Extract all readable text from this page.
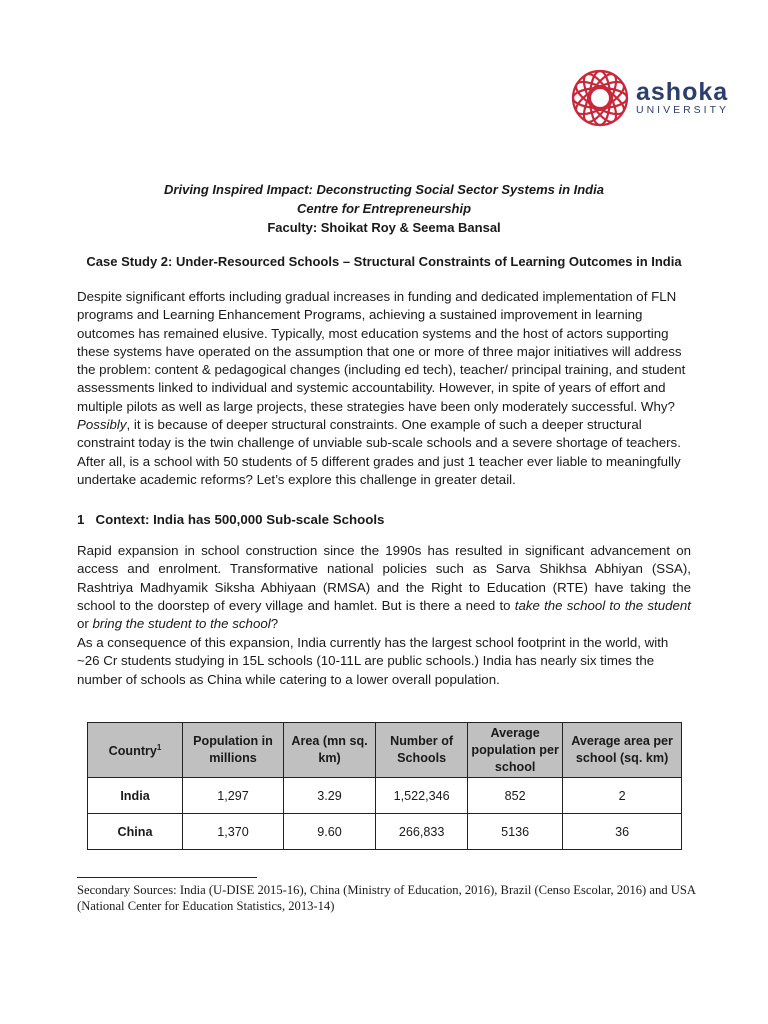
ashoka
UNIVERSITY
Driving Inspired Impact: Deconstructing Social Sector Systems in India
Centre for Entrepreneurship
Faculty: Shoikat Roy & Seema Bansal
Case Study 2: Under-Resourced Schools – Structural Constraints of Learning Outcomes in India
Despite significant efforts including gradual increases in funding and dedicated implementation of FLN programs and Learning Enhancement Programs, achieving a sustained improvement in learning outcomes has remained elusive. Typically, most education systems and the host of actors supporting these systems have operated on the assumption that one or more of three major initiatives will address the problem: content & pedagogical changes (including ed tech), teacher/ principal training, and student assessments linked to individual and systemic accountability. However, in spite of years of effort and multiple pilots as well as large projects, these strategies have been only moderately successful. Why? Possibly, it is because of deeper structural constraints. One example of such a deeper structural constraint today is the twin challenge of unviable sub-scale schools and a severe shortage of teachers. After all, is a school with 50 students of 5 different grades and just 1 teacher ever liable to meaningfully undertake academic reforms? Let’s explore this challenge in greater detail.
1 Context: India has 500,000 Sub-scale Schools
Rapid expansion in school construction since the 1990s has resulted in significant advancement on access and enrolment. Transformative national policies such as Sarva Shikhsa Abhiyan (SSA), Rashtriya Madhyamik Siksha Abhiyaan (RMSA) and the Right to Education (RTE) have taking the school to the doorstep of every village and hamlet. But is there a need to take the school to the student or bring the student to the school?
As a consequence of this expansion, India currently has the largest school footprint in the world, with ~26 Cr students studying in 15L schools (10-11L are public schools.) India has nearly six times the number of schools as China while catering to a lower overall population.
Country$^1$	Population in millions	Area (mn sq. km)	Number of Schools	Average population per school	Average area per school (sq. km)
India	1,297	3.29	1,522,346	852	2
China	1,370	9.60	266,833	5136	36
Secondary Sources: India (U-DISE 2015-16), China (Ministry of Education, 2016), Brazil (Censo Escolar, 2016) and USA (National Center for Education Statistics, 2013-14)
